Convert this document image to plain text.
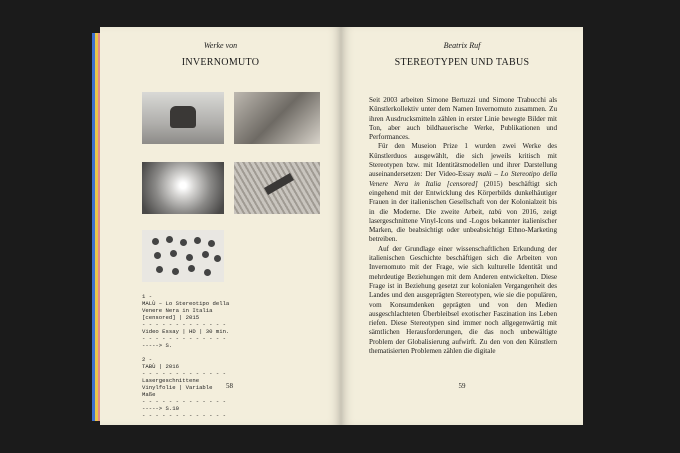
Werke von
INVERNOMUTO
1 -
MALÙ – Lo Stereotipo della
Venere Nera in Italia
[censored] | 2015
- - - - - - - - - - - - -
Video Essay | HD | 30 min.
- - - - - - - - - - - - -
-----> S.

2 -
TABÙ | 2016
- - - - - - - - - - - - -
Lasergeschnittene
Vinylfolie | Variable
Maße
- - - - - - - - - - - - -
-----> S.10
- - - - - - - - - - - - -
58
Beatrix Ruf
STEREOTYPEN UND TABUS

Seit 2003 arbeiten Simone Bertuzzi und Simone Trabucchi als Künstlerkollektiv unter dem Namen Invernomuto zusammen. Zu ihren Ausdrucksmitteln zählen in erster Linie bewegte Bilder mit Ton, aber auch bildhauerische Werke, Publikationen und Performances.

Für den Museion Prize 1 wurden zwei Werke des Künstlerduos ausgewählt, die sich jeweils kritisch mit Stereotypen bzw. mit Identitätsmodellen und ihrer Darstellung auseinandersetzen: Der Video-Essay malù – Lo Stereotipo della Venere Nera in Italia [censored] (2015) beschäftigt sich eingehend mit der Entwicklung des Körperbilds dunkelhäutiger Frauen in der italienischen Gesellschaft von der Kolonialzeit bis in die Moderne. Die zweite Arbeit, tabù von 2016, zeigt lasergeschnittene Vinyl-Icons und -Logos bekannter italienischer Marken, die beabsichtigt oder unbeabsichtigt Ethno-Marketing betreiben.

Auf der Grundlage einer wissenschaftlichen Erkundung der italienischen Geschichte beschäftigen sich die Arbeiten von Invernomuto mit der Frage, wie sich kulturelle Identität und mehrdeutige Beziehungen mit dem Anderen entwickelten. Diese Frage ist in Beziehung gesetzt zur kolonialen Vergangenheit des Landes und den ausgeprägten Stereotypen, wie sie die populären, vom Konsumdenken geprägten und von den Medien ausgeschlachteten Überbleibsel exotischer Faszination ins Leben riefen. Diese Stereotypen sind immer noch allgegenwärtig mit sämtlichen Herausforderungen, die das noch unbewältigte Problem der Globalisierung aufwirft. Zu den von den Künstlern thematisierten Problemen zählen die digitale

59
